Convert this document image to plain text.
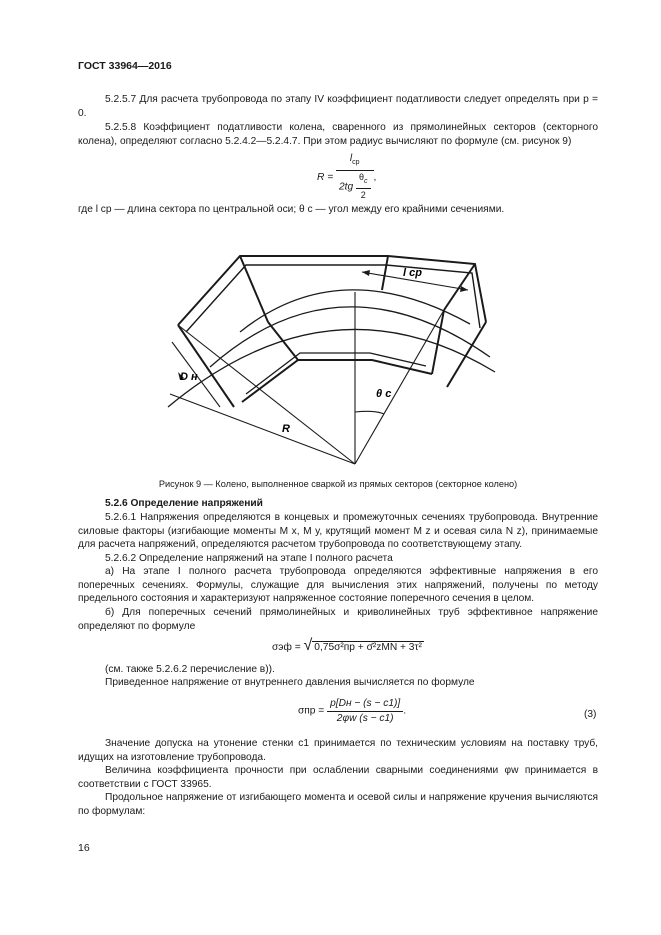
ГОСТ 33964—2016
5.2.5.7 Для расчета трубопровода по этапу IV коэффициент податливости следует определять при p = 0.
5.2.5.8 Коэффициент податливости колена, сваренного из прямолинейных секторов (секторного колена), определяют согласно 5.2.4.2—5.2.4.7. При этом радиус вычисляют по формуле (см. рисунок 9)
$R = \frac{l_{ср}}{2tg \frac{\theta_c}{2}}$ ,
где l ср — длина сектора по центральной оси; θ с — угол между его крайними сечениями.
l ср
D н
θ с
R
Рисунок 9 — Колено, выполненное сваркой из прямых секторов (секторное колено)
5.2.6 Определение напряжений
5.2.6.1 Напряжения определяются в концевых и промежуточных сечениях трубопровода. Внутренние силовые факторы (изгибающие моменты M x, M y, крутящий момент M z и осевая сила N z), принимаемые для расчета напряжений, определяются расчетом трубопровода по соответствующему этапу.
5.2.6.2 Определение напряжений на этапе I полного расчета
а) На этапе I полного расчета трубопровода определяются эффективные напряжения в его поперечных сечениях. Формулы, служащие для вычисления этих напряжений, получены по методу предельного состояния и характеризуют напряженное состояние поперечного сечения в целом.
б) Для поперечных сечений прямолинейных и криволинейных труб эффективное напряжение определяют по формуле
σэф = √ 0,75σ²пр + σ̄²zMN + 3τ²
(см. также 5.2.6.2 перечисление в)).
Приведенное напряжение от внутреннего давления вычисляется по формуле
$\sigma пр = \frac{p[Dн - (s - c1)]}{2\varphi w (s - c1)}$ .	(3)
Значение допуска на утонение стенки c1 принимается по техническим условиям на поставку труб, идущих на изготовление трубопровода.
Величина коэффициента прочности при ослаблении сварными соединениями φw принимается в соответствии с ГОСТ 33965.
Продольное напряжение от изгибающего момента и осевой силы и напряжение кручения вычисляются по формулам:
16
